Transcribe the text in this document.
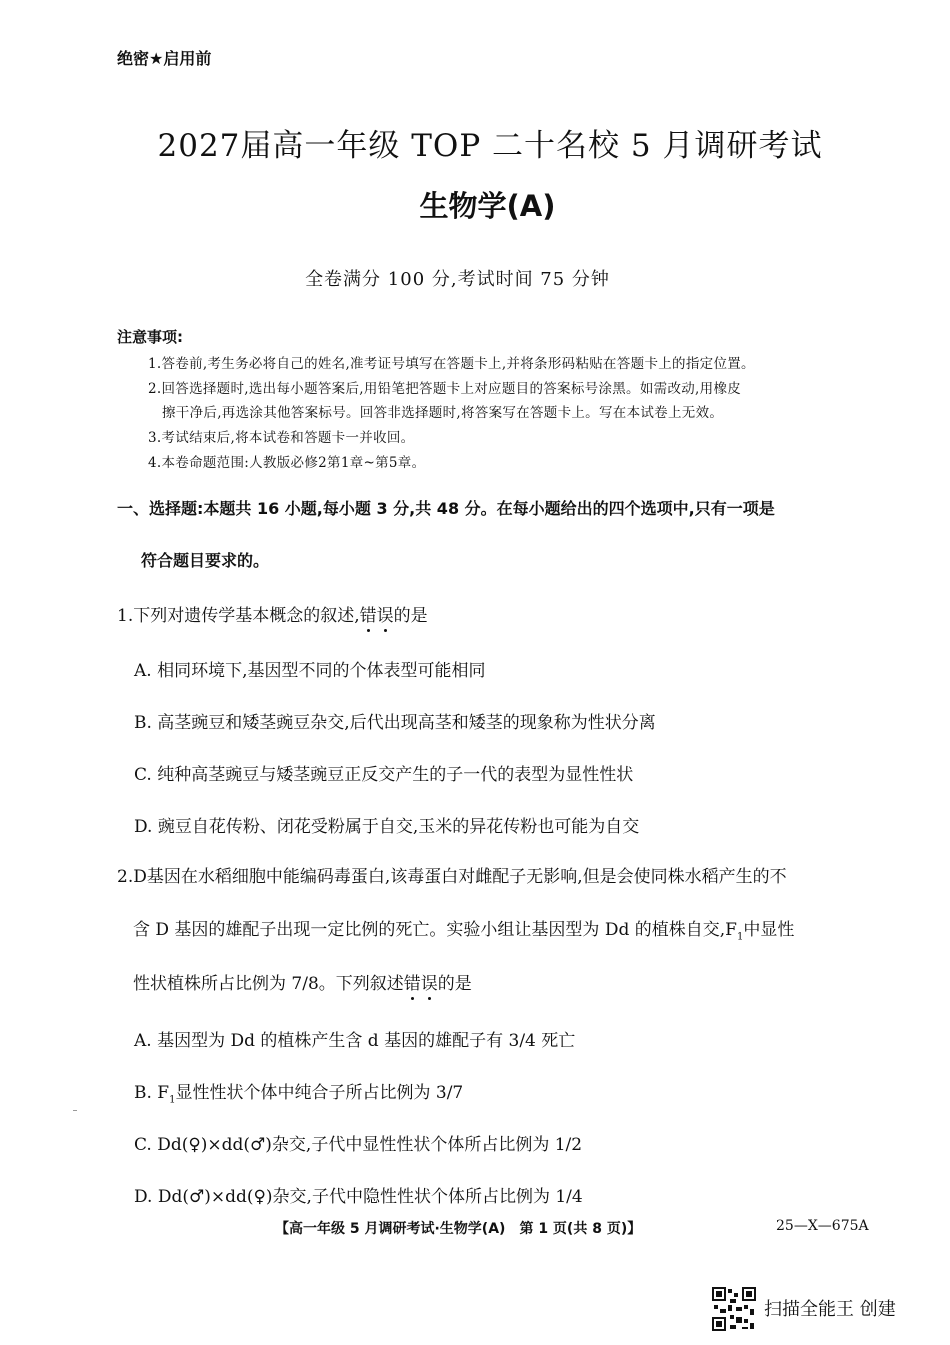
绝密★启用前
2027届高一年级 TOP 二十名校 5 月调研考试
生物学(A)
全卷满分 100 分,考试时间 75 分钟
注意事项:
1.答卷前,考生务必将自己的姓名,准考证号填写在答题卡上,并将条形码粘贴在答题卡上的指定位置。
2.回答选择题时,选出每小题答案后,用铅笔把答题卡上对应题目的答案标号涂黑。如需改动,用橡皮
擦干净后,再选涂其他答案标号。回答非选择题时,将答案写在答题卡上。写在本试卷上无效。
3.考试结束后,将本试卷和答题卡一并收回。
4.本卷命题范围:人教版必修2第1章~第5章。
一、选择题:本题共 16 小题,每小题 3 分,共 48 分。在每小题给出的四个选项中,只有一项是
符合题目要求的。
1.下列对遗传学基本概念的叙述,错误的是
A. 相同环境下,基因型不同的个体表型可能相同
B. 高茎豌豆和矮茎豌豆杂交,后代出现高茎和矮茎的现象称为性状分离
C. 纯种高茎豌豆与矮茎豌豆正反交产生的子一代的表型为显性性状
D. 豌豆自花传粉、闭花受粉属于自交,玉米的异花传粉也可能为自交
2.D基因在水稻细胞中能编码毒蛋白,该毒蛋白对雌配子无影响,但是会使同株水稻产生的不
含 D 基因的雄配子出现一定比例的死亡。实验小组让基因型为 Dd 的植株自交$,F_1$中显性
性状植株所占比例为 7/8。下列叙述错误的是
A. 基因型为 Dd 的植株产生含 d 基因的雄配子有 3/4 死亡
B. $F_1$显性性状个体中纯合子所占比例为 3/7
C. Dd(♀)×dd(♂)杂交,子代中显性性状个体所占比例为 1/2
D. Dd(♂)×dd(♀)杂交,子代中隐性性状个体所占比例为 1/4
【高一年级 5 月调研考试·生物学(A)　第 1 页(共 8 页)】	25—X—675A
扫描全能王 创建
